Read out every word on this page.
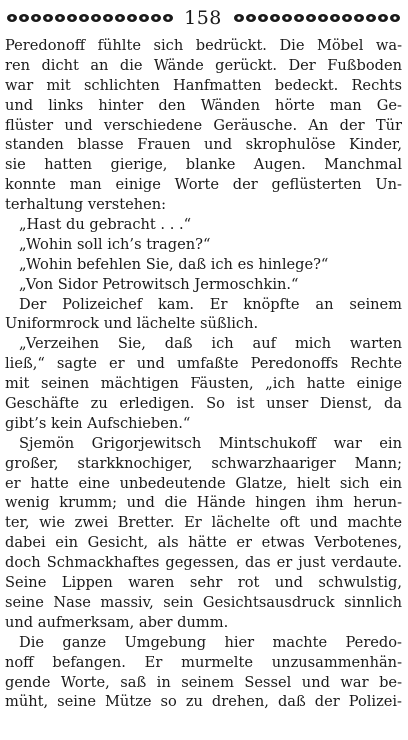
158
Peredonoff fühlte sich bedrückt. Die Möbel wa-
ren dicht an die Wände gerückt. Der Fußboden
war mit schlichten Hanfmatten bedeckt. Rechts
und links hinter den Wänden hörte man Ge-
flüster und verschiedene Geräusche. An der Tür
standen blasse Frauen und skrophulöse Kinder,
sie hatten gierige, blanke Augen. Manchmal
konnte man einige Worte der geflüsterten Un-
terhaltung verstehen:
„Hast du gebracht . . .“
„Wohin soll ich’s tragen?“
„Wohin befehlen Sie, daß ich es hinlege?“
„Von Sidor Petrowitsch Jermoschkin.“
Der Polizeichef kam. Er knöpfte an seinem
Uniformrock und lächelte süßlich.
„Verzeihen Sie, daß ich auf mich warten
ließ,“ sagte er und umfaßte Peredonoffs Rechte
mit seinen mächtigen Fäusten, „ich hatte einige
Geschäfte zu erledigen. So ist unser Dienst, da
gibt’s kein Aufschieben.“
Sjemön Grigorjewitsch Mintschukoff war ein
großer, starkknochiger, schwarzhaariger Mann;
er hatte eine unbedeutende Glatze, hielt sich ein
wenig krumm; und die Hände hingen ihm herun-
ter, wie zwei Bretter. Er lächelte oft und machte
dabei ein Gesicht, als hätte er etwas Verbotenes,
doch Schmackhaftes gegessen, das er just verdaute.
Seine Lippen waren sehr rot und schwulstig,
seine Nase massiv, sein Gesichtsausdruck sinnlich
und aufmerksam, aber dumm.
Die ganze Umgebung hier machte Peredo-
noff befangen. Er murmelte unzusammenhän-
gende Worte, saß in seinem Sessel und war be-
müht, seine Mütze so zu drehen, daß der Polizei-
